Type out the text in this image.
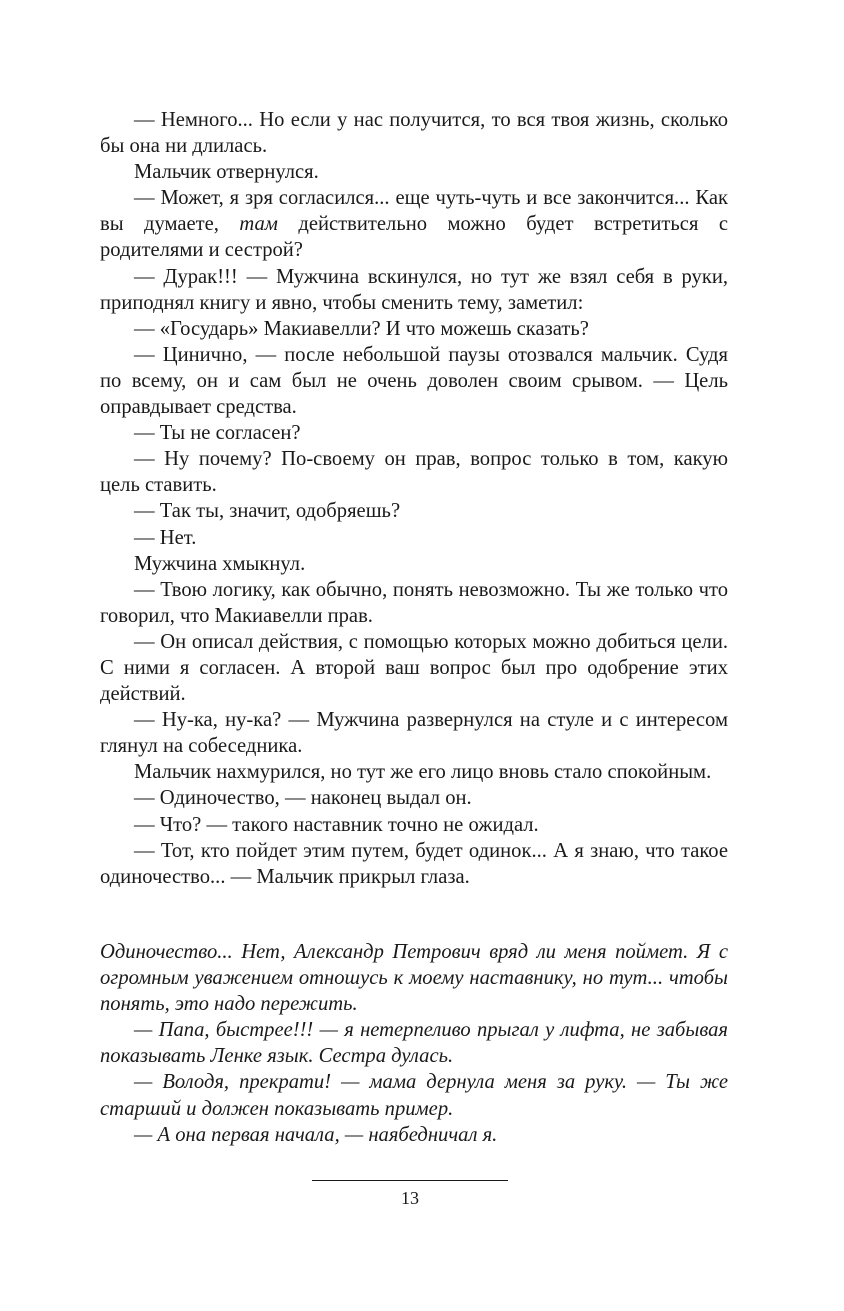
— Немного... Но если у нас получится, то вся твоя жизнь, сколько бы она ни длилась.

Мальчик отвернулся.

— Может, я зря согласился... еще чуть-чуть и все закончится... Как вы думаете, там действительно можно будет встретиться с родителями и сестрой?

— Дурак!!! — Мужчина вскинулся, но тут же взял себя в руки, приподнял книгу и явно, чтобы сменить тему, заметил:

— «Государь» Макиавелли? И что можешь сказать?

— Цинично, — после небольшой паузы отозвался мальчик. Судя по всему, он и сам был не очень доволен своим срывом. — Цель оправдывает средства.

— Ты не согласен?

— Ну почему? По-своему он прав, вопрос только в том, какую цель ставить.

— Так ты, значит, одобряешь?

— Нет.

Мужчина хмыкнул.

— Твою логику, как обычно, понять невозможно. Ты же только что говорил, что Макиавелли прав.

— Он описал действия, с помощью которых можно добиться цели. С ними я согласен. А второй ваш вопрос был про одобрение этих действий.

— Ну-ка, ну-ка? — Мужчина развернулся на стуле и с интересом глянул на собеседника.

Мальчик нахмурился, но тут же его лицо вновь стало спокойным.

— Одиночество, — наконец выдал он.

— Что? — такого наставник точно не ожидал.

— Тот, кто пойдет этим путем, будет одинок... А я знаю, что такое одиночество... — Мальчик прикрыл глаза.

Одиночество... Нет, Александр Петрович вряд ли меня поймет. Я с огромным уважением отношусь к моему наставнику, но тут... чтобы понять, это надо пережить.

— Папа, быстрее!!! — я нетерпеливо прыгал у лифта, не забывая показывать Ленке язык. Сестра дулась.

— Володя, прекрати! — мама дернула меня за руку. — Ты же старший и должен показывать пример.

— А она первая начала, — наябедничал я.

13
